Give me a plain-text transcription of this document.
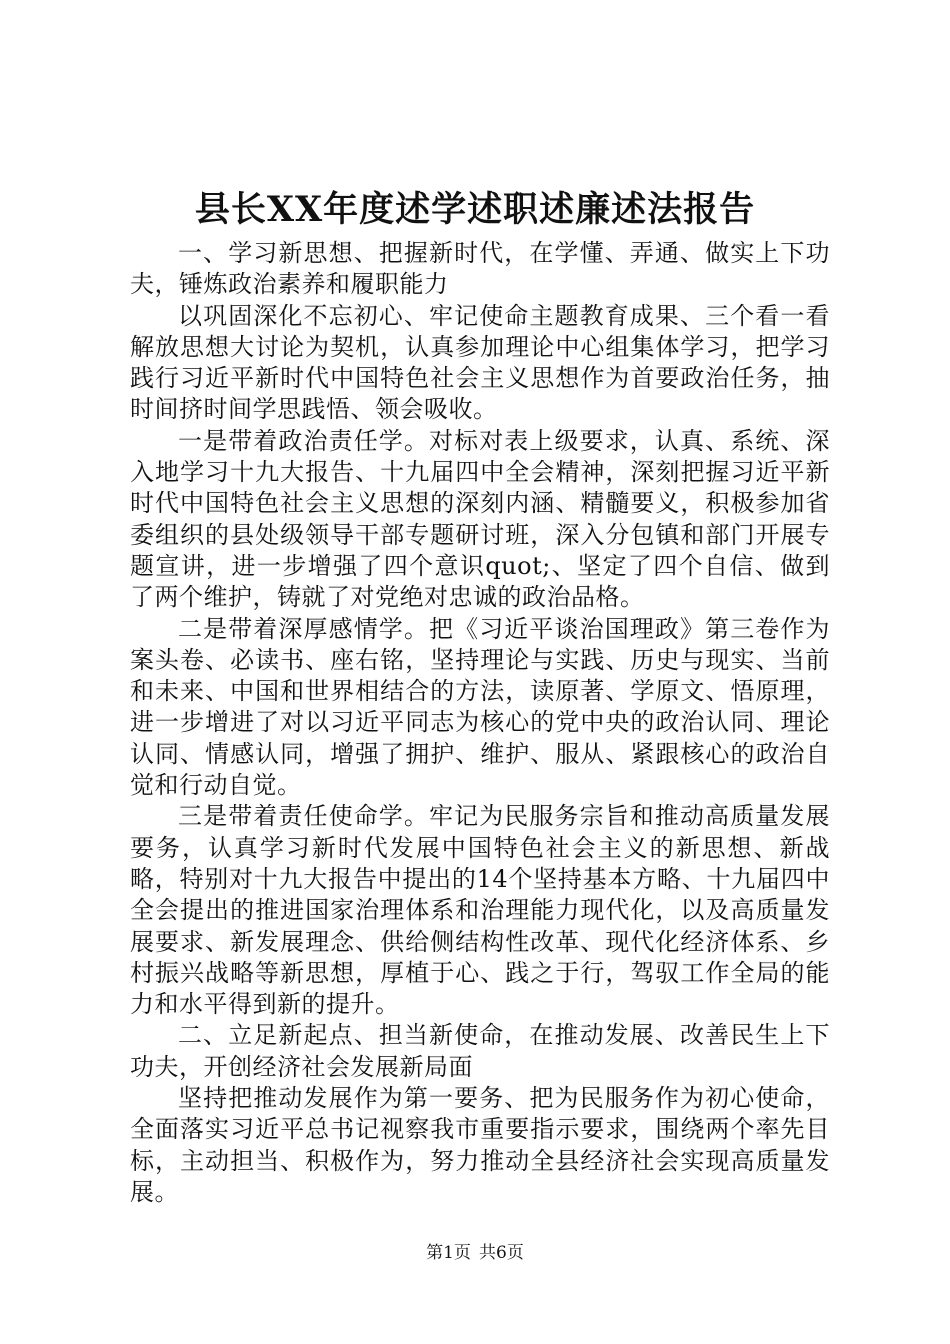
县长XX年度述学述职述廉述法报告

一、学习新思想、把握新时代，在学懂、弄通、做实上下功夫，锤炼政治素养和履职能力

以巩固深化不忘初心、牢记使命主题教育成果、三个看一看解放思想大讨论为契机，认真参加理论中心组集体学习，把学习践行习近平新时代中国特色社会主义思想作为首要政治任务，抽时间挤时间学思践悟、领会吸收。

一是带着政治责任学。对标对表上级要求，认真、系统、深入地学习十九大报告、十九届四中全会精神，深刻把握习近平新时代中国特色社会主义思想的深刻内涵、精髓要义，积极参加省委组织的县处级领导干部专题研讨班，深入分包镇和部门开展专题宣讲，进一步增强了四个意识quot;、坚定了四个自信、做到了两个维护，铸就了对党绝对忠诚的政治品格。

二是带着深厚感情学。把《习近平谈治国理政》第三卷作为案头卷、必读书、座右铭，坚持理论与实践、历史与现实、当前和未来、中国和世界相结合的方法，读原著、学原文、悟原理，进一步增进了对以习近平同志为核心的党中央的政治认同、理论认同、情感认同，增强了拥护、维护、服从、紧跟核心的政治自觉和行动自觉。

三是带着责任使命学。牢记为民服务宗旨和推动高质量发展要务，认真学习新时代发展中国特色社会主义的新思想、新战略，特别对十九大报告中提出的14个坚持基本方略、十九届四中全会提出的推进国家治理体系和治理能力现代化，以及高质量发展要求、新发展理念、供给侧结构性改革、现代化经济体系、乡村振兴战略等新思想，厚植于心、践之于行，驾驭工作全局的能力和水平得到新的提升。

二、立足新起点、担当新使命，在推动发展、改善民生上下功夫，开创经济社会发展新局面

坚持把推动发展作为第一要务、把为民服务作为初心使命，全面落实习近平总书记视察我市重要指示要求，围绕两个率先目标，主动担当、积极作为，努力推动全县经济社会实现高质量发展。

第1页 共6页
